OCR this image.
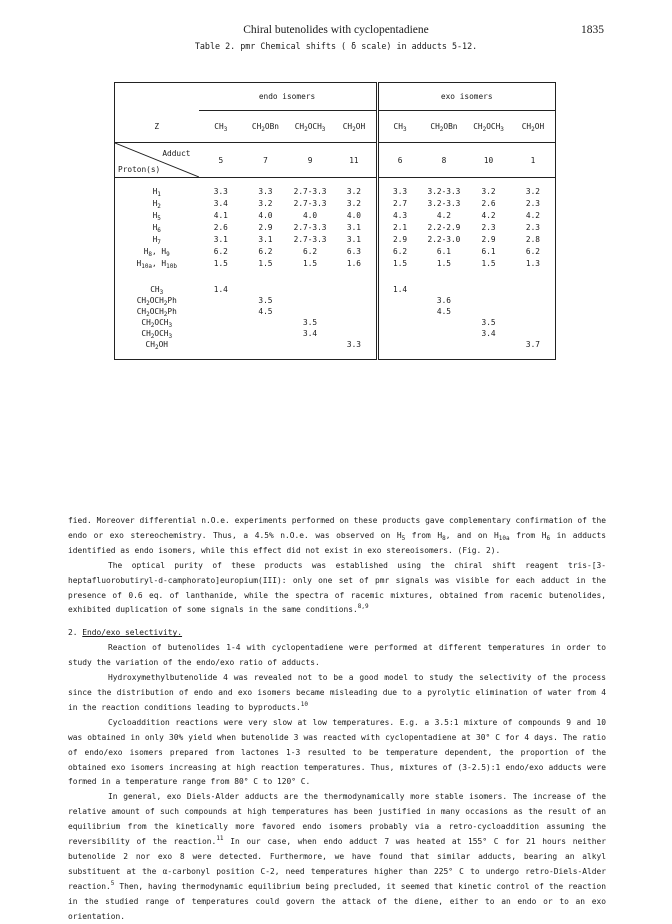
Chiral butenolides with cyclopentadiene	1835
Table 2. pmr Chemical shifts ( δ scale) in adducts 5-12.
	endo isomers				exo isomers			
Z	$CH_3$	$CH_2OBn$	$CH_2OCH_3$	$CH_2OH$	$CH_3$	$CH_2OBn$	$CH_2OCH_3$	$CH_2OH$

Adduct
Proton(s)	5	7	9	11	6	8	10	1

$H_1$	3.3	3.3	2.7-3.3	3.2	3.3	3.2-3.3	3.2	3.2
$H_2$	3.4	3.2	2.7-3.3	3.2	2.7	3.2-3.3	2.6	2.3
$H_5$	4.1	4.0	4.0	4.0	4.3	4.2	4.2	4.2
$H_6$	2.6	2.9	2.7-3.3	3.1	2.1	2.2-2.9	2.3	2.3
$H_7$	3.1	3.1	2.7-3.3	3.1	2.9	2.2-3.0	2.9	2.8
$H_8$, $H_9$	6.2	6.2	6.2	6.3	6.2	6.1	6.1	6.2
$H_{10a}$, $H_{10b}$	1.5	1.5	1.5	1.6	1.5	1.5	1.5	1.3

$CH_3$	1.4				1.4			
$CH_2OCH_2Ph$		3.5				3.6		
$CH_2OCH_2Ph$		4.5				4.5		
$CH_2OCH_3$			3.5				3.5	
$CH_2OCH_3$			3.4				3.4	
$CH_2OH$				3.3				3.7

fied. Moreover differential n.O.e. experiments performed on these products gave complementary confirmation of the endo or exo stereochemistry. Thus, a 4.5% n.O.e. was observed on $H_5$ from $H_8$, and on $H_{10a}$ from $H_6$ in adducts identified as endo isomers, while this effect did not exist in exo stereoisomers. (Fig. 2).

The optical purity of these products was established using the chiral shift reagent tris-[3-heptafluorobutiryl-d-camphorato]europium(III): only one set of pmr signals was visible for each adduct in the presence of 0.6 eq. of lanthanide, while the spectra of racemic mixtures, obtained from racemic butenolides, exhibited duplication of some signals in the same conditions.$^{8,9}$

2. Endo/exo selectivity.

Reaction of butenolides 1-4 with cyclopentadiene were performed at different temperatures in order to study the variation of the endo/exo ratio of adducts.

Hydroxymethylbutenolide 4 was revealed not to be a good model to study the selectivity of the process since the distribution of endo and exo isomers became misleading due to a pyrolytic elimination of water from 4 in the reaction conditions leading to byproducts.$^{10}$

Cycloaddition reactions were very slow at low temperatures. E.g. a 3.5:1 mixture of compounds 9 and 10 was obtained in only 30% yield when butenolide 3 was reacted with cyclopentadiene at 30° C for 4 days. The ratio of endo/exo isomers prepared from lactones 1-3 resulted to be temperature dependent, the proportion of the obtained exo isomers increasing at high reaction temperatures. Thus, mixtures of (3-2.5):1 endo/exo adducts were formed in a temperature range from 80° C to 120° C.

In general, exo Diels-Alder adducts are the thermodynamically more stable isomers. The increase of the relative amount of such compounds at high temperatures has been justified in many occasions as the result of an equilibrium from the kinetically more favored endo isomers probably via a retro-cycloaddition assuming the reversibility of the reaction.$^{11}$ In our case, when endo adduct 7 was heated at 155° C for 21 hours neither butenolide 2 nor exo 8 were detected. Furthermore, we have found that similar adducts, bearing an alkyl substituent at the α-carbonyl position C-2, need temperatures higher than 225° C to undergo retro-Diels-Alder reaction.$^5$ Then, having thermodynamic equilibrium being precluded, it seemed that kinetic control of the reaction in the studied range of temperatures could govern the attack of the diene, either to an endo or to an exo orientation.
